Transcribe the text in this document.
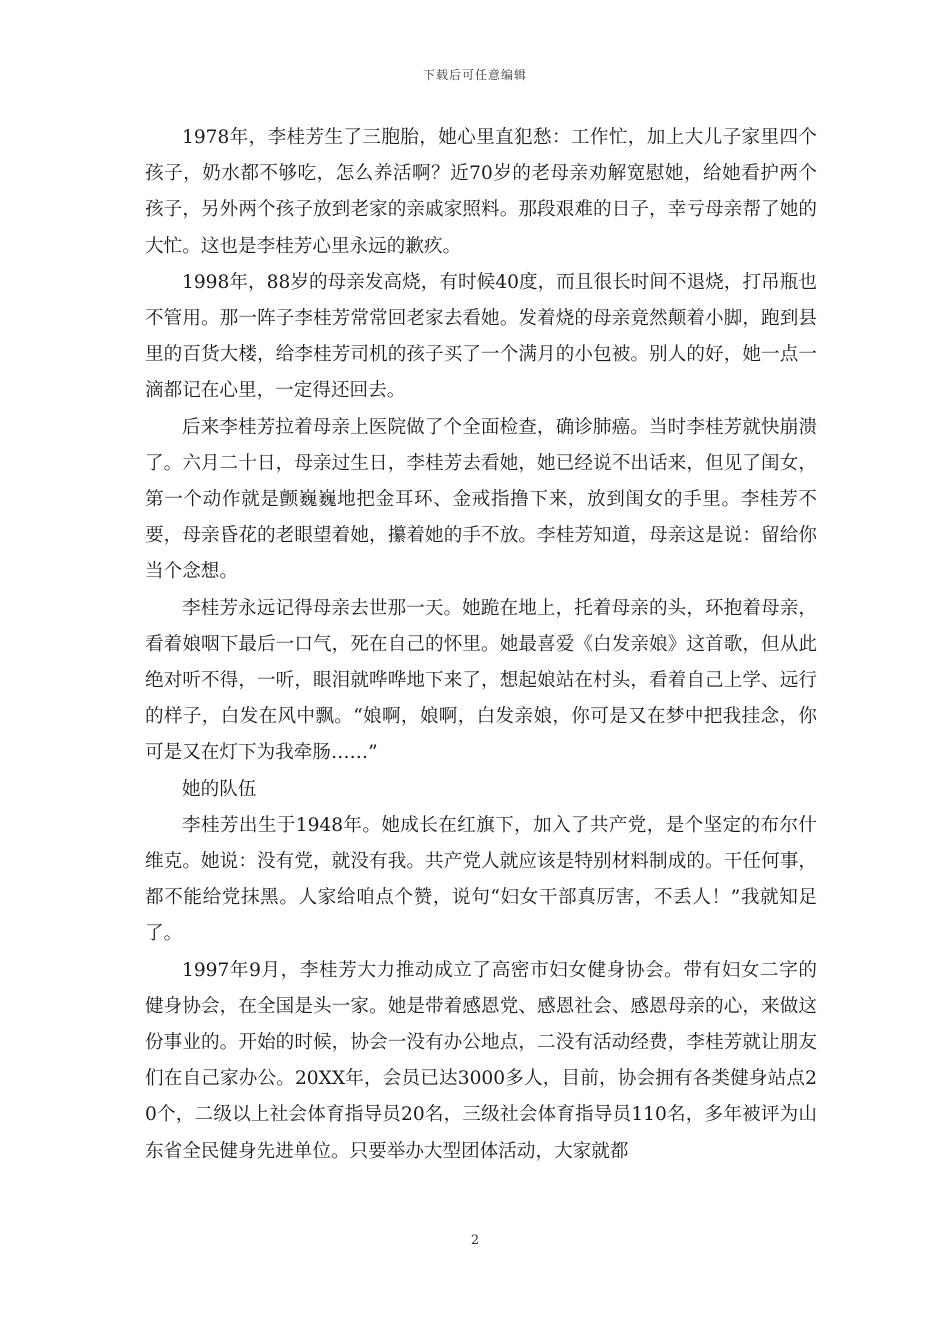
下载后可任意编辑

1978年，李桂芳生了三胞胎，她心里直犯愁：工作忙，加上大儿子家里四个孩子，奶水都不够吃，怎么养活啊？近70岁的老母亲劝解宽慰她，给她看护两个孩子，另外两个孩子放到老家的亲戚家照料。那段艰难的日子，幸亏母亲帮了她的大忙。这也是李桂芳心里永远的歉疚。

1998年，88岁的母亲发高烧，有时候40度，而且很长时间不退烧，打吊瓶也不管用。那一阵子李桂芳常常回老家去看她。发着烧的母亲竟然颠着小脚，跑到县里的百货大楼，给李桂芳司机的孩子买了一个满月的小包被。别人的好，她一点一滴都记在心里，一定得还回去。

后来李桂芳拉着母亲上医院做了个全面检查，确诊肺癌。当时李桂芳就快崩溃了。六月二十日，母亲过生日，李桂芳去看她，她已经说不出话来，但见了闺女，第一个动作就是颤巍巍地把金耳环、金戒指撸下来，放到闺女的手里。李桂芳不要，母亲昏花的老眼望着她，攥着她的手不放。李桂芳知道，母亲这是说：留给你当个念想。

李桂芳永远记得母亲去世那一天。她跪在地上，托着母亲的头，环抱着母亲，看着娘咽下最后一口气，死在自己的怀里。她最喜爱《白发亲娘》这首歌，但从此绝对听不得，一听，眼泪就哗哗地下来了，想起娘站在村头，看着自己上学、远行的样子，白发在风中飘。“娘啊，娘啊，白发亲娘，你可是又在梦中把我挂念，你可是又在灯下为我牵肠……”

她的队伍

李桂芳出生于1948年。她成长在红旗下，加入了共产党，是个坚定的布尔什维克。她说：没有党，就没有我。共产党人就应该是特别材料制成的。干任何事，都不能给党抹黑。人家给咱点个赞，说句“妇女干部真厉害，不丢人！”我就知足了。

1997年9月，李桂芳大力推动成立了高密市妇女健身协会。带有妇女二字的健身协会，在全国是头一家。她是带着感恩党、感恩社会、感恩母亲的心，来做这份事业的。开始的时候，协会一没有办公地点，二没有活动经费，李桂芳就让朋友们在自己家办公。20XX年，会员已达3000多人，目前，协会拥有各类健身站点20个，二级以上社会体育指导员20名，三级社会体育指导员110名，多年被评为山东省全民健身先进单位。只要举办大型团体活动，大家就都

2
